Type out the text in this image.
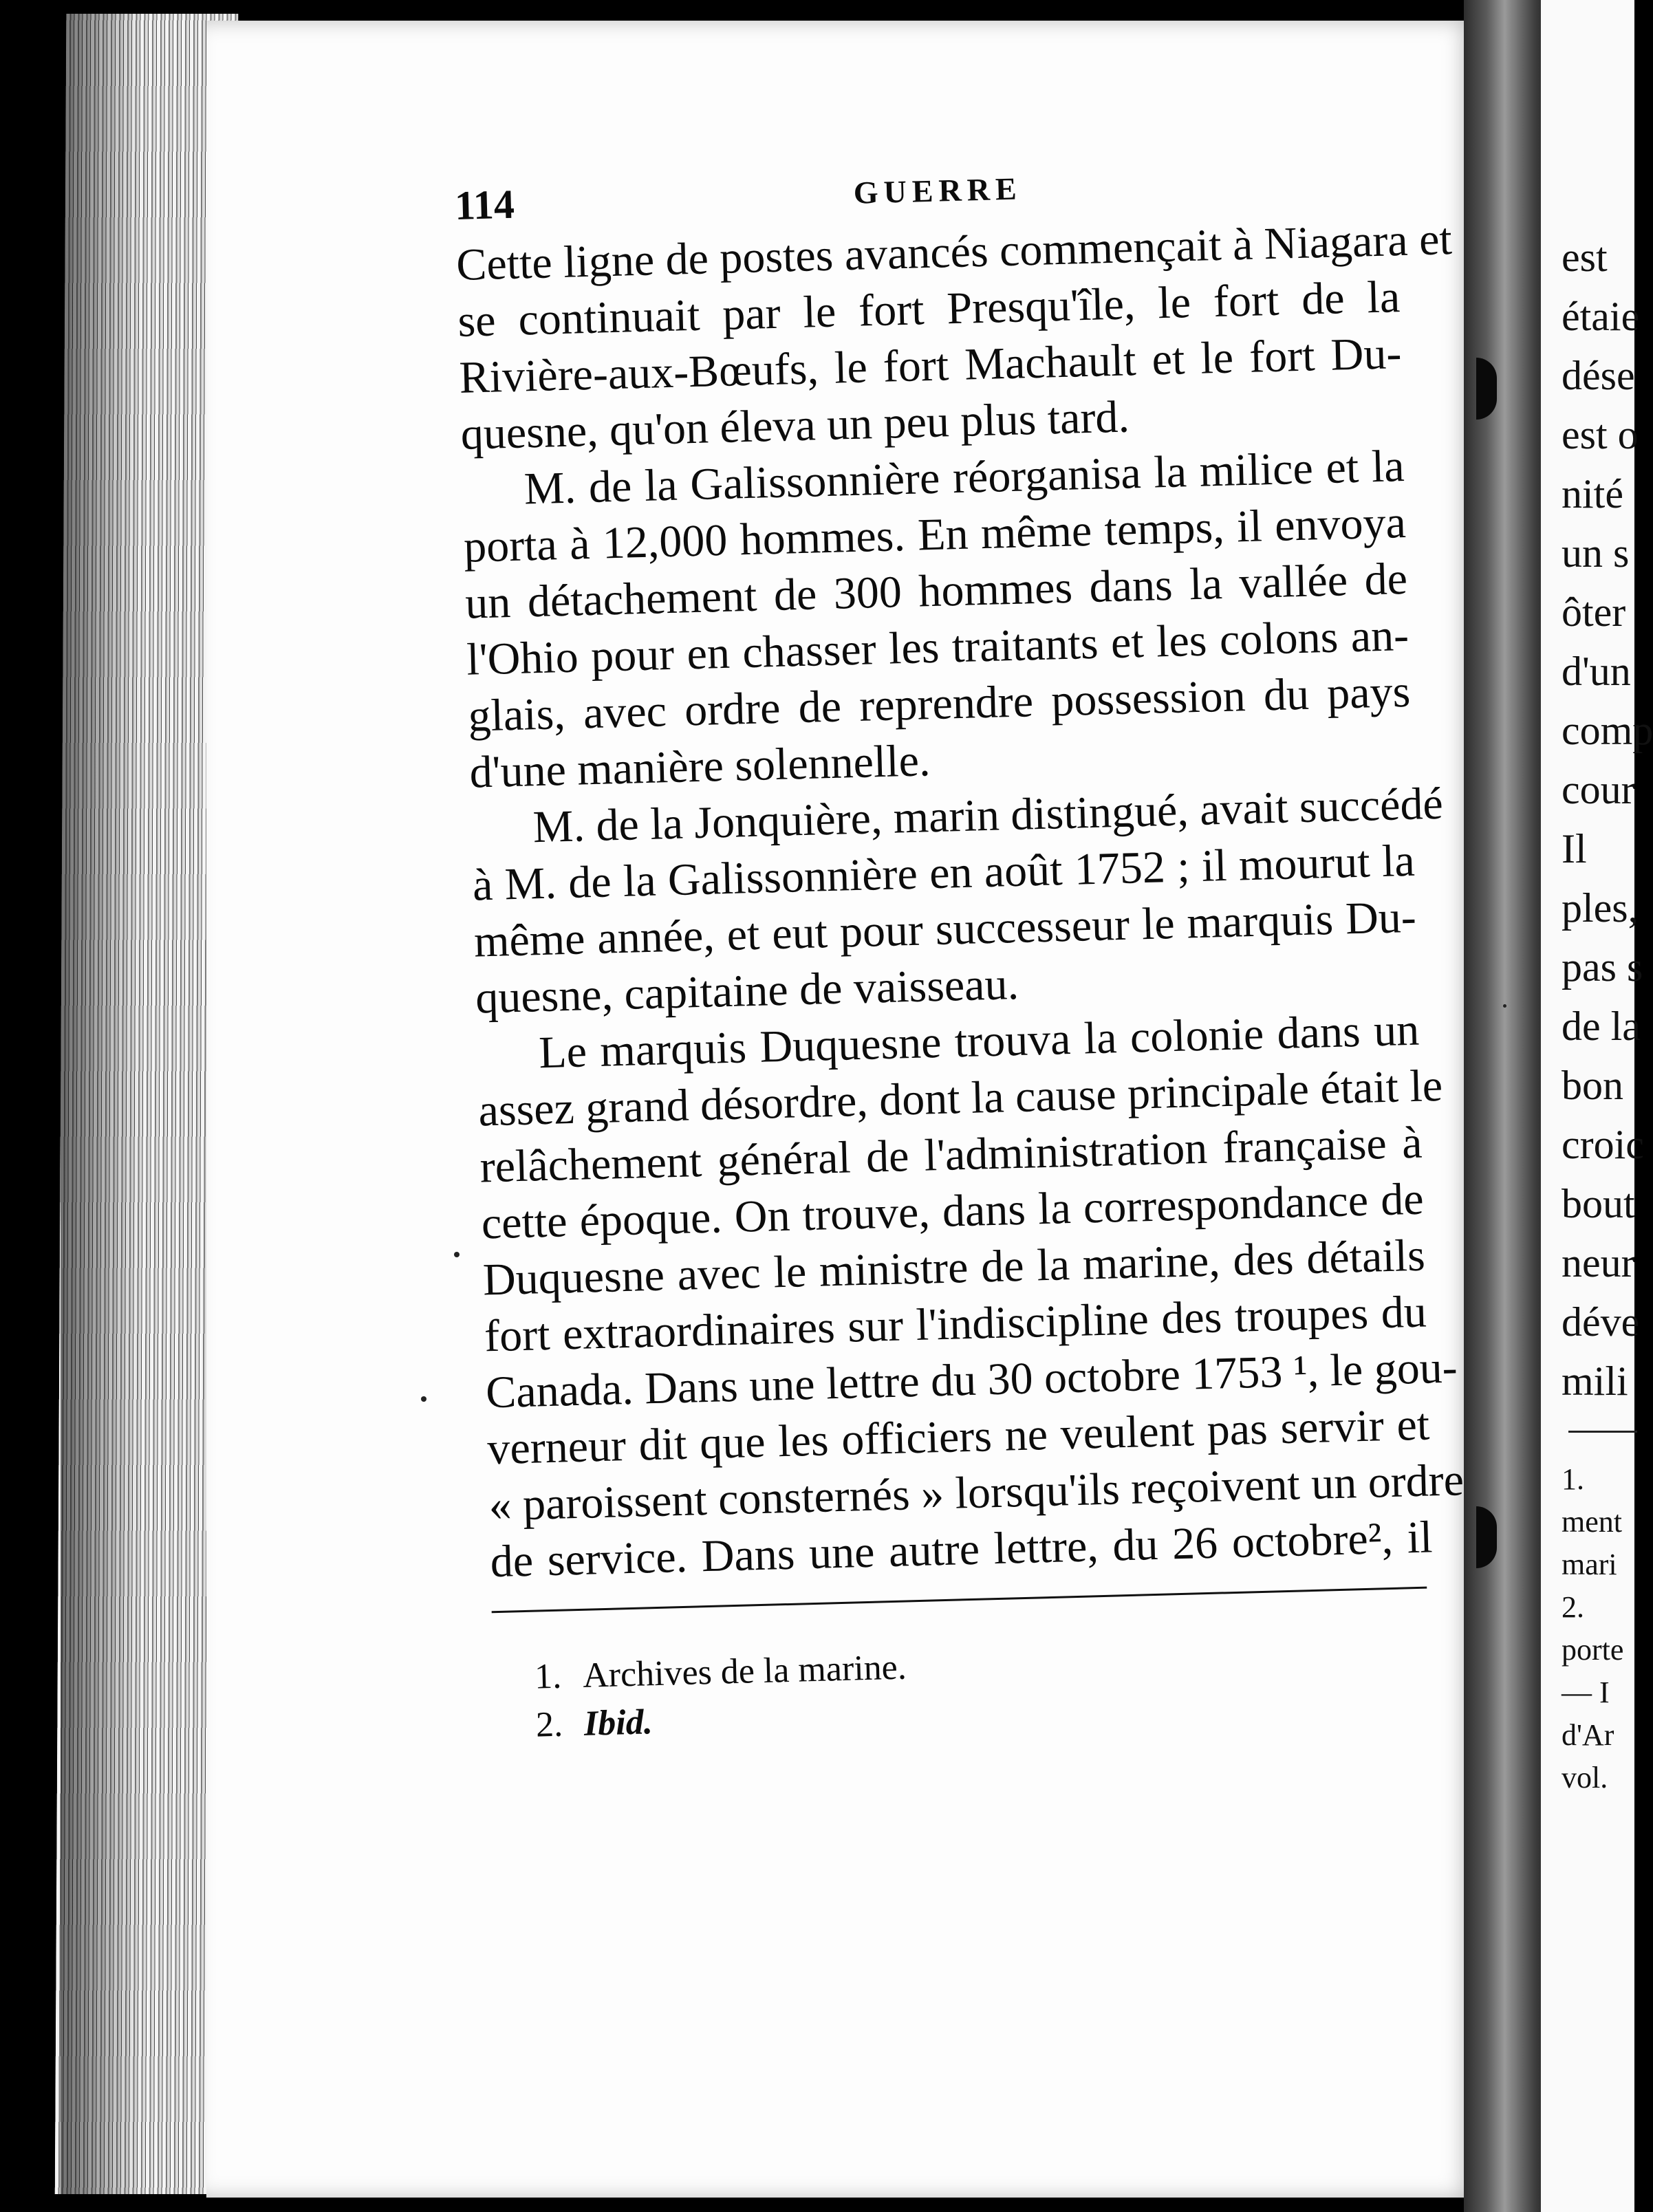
est
étaie
dése
est o
nité
un s
ôter
d'un
comp
cour
Il
ples,
pas s
de la
bon
croic
bout
neur
déve
mili
1.
ment
mari
2.
porte
— I
d'Ar
vol.
114	GUERRE
Cette ligne de postes avancés commençait à Niagara et
se continuait par le fort Presqu'île, le fort de la
Rivière-aux-Bœufs, le fort Machault et le fort Du-
quesne, qu'on éleva un peu plus tard.
M. de la Galissonnière réorganisa la milice et la
porta à 12,000 hommes. En même temps, il envoya
un détachement de 300 hommes dans la vallée de
l'Ohio pour en chasser les traitants et les colons an-
glais, avec ordre de reprendre possession du pays
d'une manière solennelle.
M. de la Jonquière, marin distingué, avait succédé
à M. de la Galissonnière en août 1752 ; il mourut la
même année, et eut pour successeur le marquis Du-
quesne, capitaine de vaisseau.
Le marquis Duquesne trouva la colonie dans un
assez grand désordre, dont la cause principale était le
relâchement général de l'administration française à
cette époque. On trouve, dans la correspondance de
Duquesne avec le ministre de la marine, des détails
fort extraordinaires sur l'indiscipline des troupes du
Canada. Dans une lettre du 30 octobre 1753 ¹, le gou-
verneur dit que les officiers ne veulent pas servir et
« paroissent consternés » lorsqu'ils reçoivent un ordre
de service. Dans une autre lettre, du 26 octobre², il
1. Archives de la marine.
2. Ibid.
